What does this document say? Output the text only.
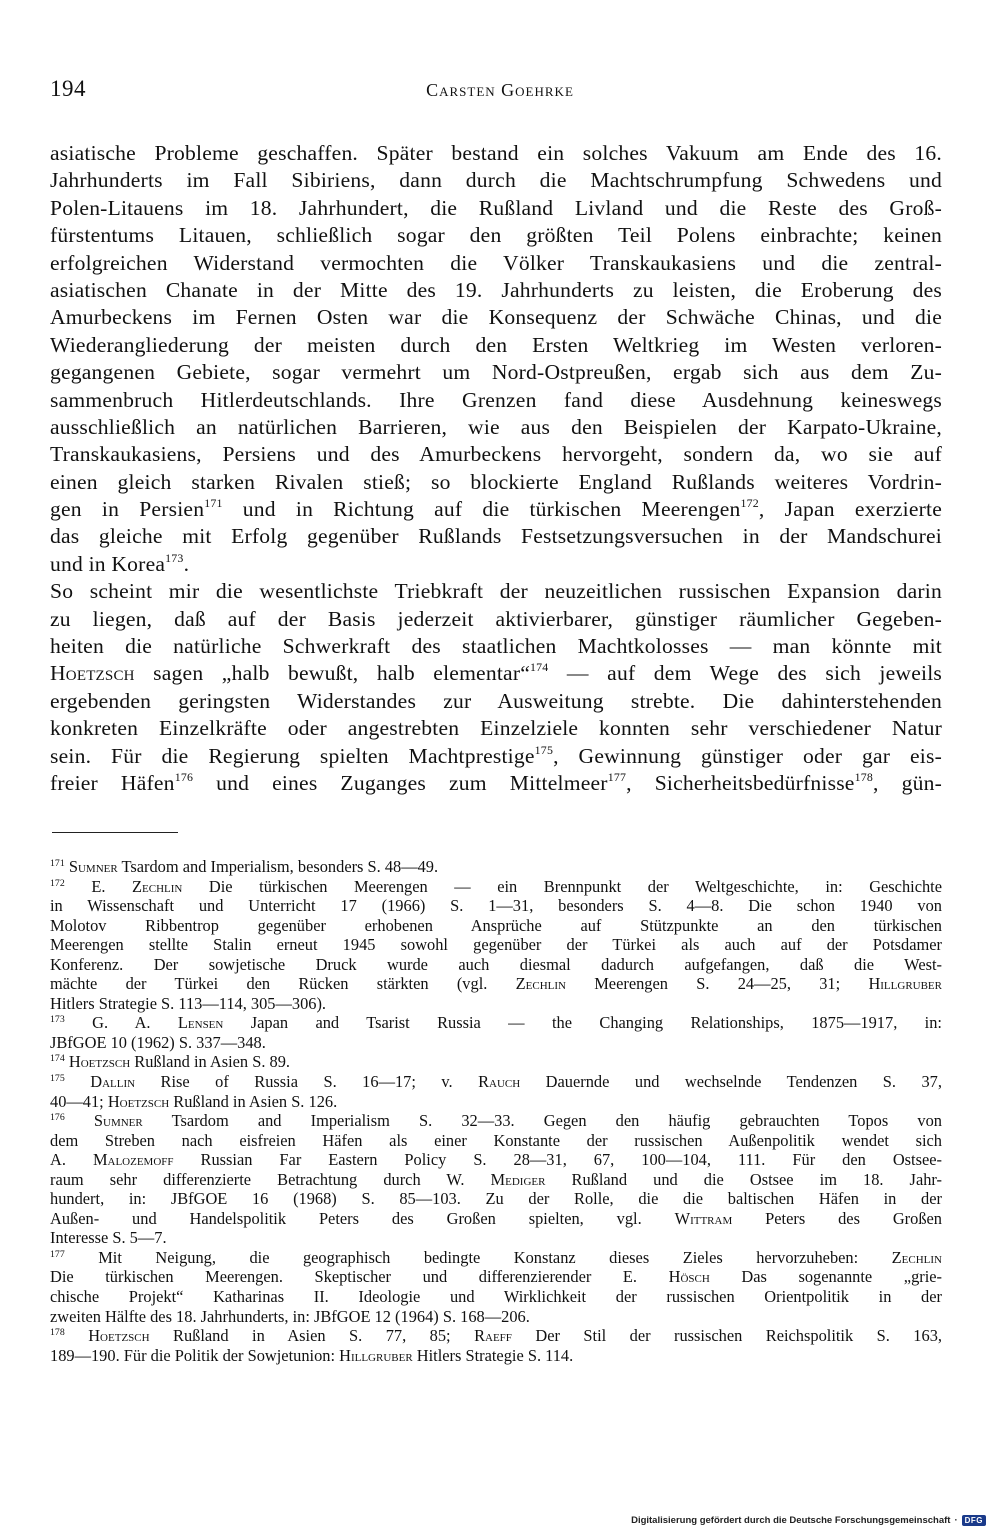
194	Carsten Goehrke
asiatische Probleme geschaffen. Später bestand ein solches Vakuum am Ende des 16.
Jahrhunderts im Fall Sibiriens, dann durch die Machtschrumpfung Schwedens und
Polen-Litauens im 18. Jahrhundert, die Rußland Livland und die Reste des Groß-
fürstentums Litauen, schließlich sogar den größten Teil Polens einbrachte; keinen
erfolgreichen Widerstand vermochten die Völker Transkaukasiens und die zentral-
asiatischen Chanate in der Mitte des 19. Jahrhunderts zu leisten, die Eroberung des
Amurbeckens im Fernen Osten war die Konsequenz der Schwäche Chinas, und die
Wiederangliederung der meisten durch den Ersten Weltkrieg im Westen verloren-
gegangenen Gebiete, sogar vermehrt um Nord-Ostpreußen, ergab sich aus dem Zu-
sammenbruch Hitlerdeutschlands. Ihre Grenzen fand diese Ausdehnung keineswegs
ausschließlich an natürlichen Barrieren, wie aus den Beispielen der Karpato-Ukraine,
Transkaukasiens, Persiens und des Amurbeckens hervorgeht, sondern da, wo sie auf
einen gleich starken Rivalen stieß; so blockierte England Rußlands weiteres Vordrin-
gen in Persien$^{171}$ und in Richtung auf die türkischen Meerengen$^{172}$, Japan exerzierte
das gleiche mit Erfolg gegenüber Rußlands Festsetzungsversuchen in der Mandschurei
und in Korea$^{173}$.
So scheint mir die wesentlichste Triebkraft der neuzeitlichen russischen Expansion darin
zu liegen, daß auf der Basis jederzeit aktivierbarer, günstiger räumlicher Gegeben-
heiten die natürliche Schwerkraft des staatlichen Machtkolosses — man könnte mit
Hoetzsch sagen „halb bewußt, halb elementar“$^{174}$ — auf dem Wege des sich jeweils
ergebenden geringsten Widerstandes zur Ausweitung strebte. Die dahinterstehenden
konkreten Einzelkräfte oder angestrebten Einzelziele konnten sehr verschiedener Natur
sein. Für die Regierung spielten Machtprestige$^{175}$, Gewinnung günstiger oder gar eis-
freier Häfen$^{176}$ und eines Zuganges zum Mittelmeer$^{177}$, Sicherheitsbedürfnisse$^{178}$, gün-
$^{171}$ Sumner Tsardom and Imperialism, besonders S. 48—49.
$^{172}$ E. Zechlin Die türkischen Meerengen — ein Brennpunkt der Weltgeschichte, in: Geschichte
in Wissenschaft und Unterricht 17 (1966) S. 1—31, besonders S. 4—8. Die schon 1940 von
Molotov Ribbentrop gegenüber erhobenen Ansprüche auf Stützpunkte an den türkischen
Meerengen stellte Stalin erneut 1945 sowohl gegenüber der Türkei als auch auf der Potsdamer
Konferenz. Der sowjetische Druck wurde auch diesmal dadurch aufgefangen, daß die West-
mächte der Türkei den Rücken stärkten (vgl. Zechlin Meerengen S. 24—25, 31; Hillgruber
Hitlers Strategie S. 113—114, 305—306).
$^{173}$ G. A. Lensen Japan and Tsarist Russia — the Changing Relationships, 1875—1917, in:
JBfGOE 10 (1962) S. 337—348.
$^{174}$ Hoetzsch Rußland in Asien S. 89.
$^{175}$ Dallin Rise of Russia S. 16—17; v. Rauch Dauernde und wechselnde Tendenzen S. 37,
40—41; Hoetzsch Rußland in Asien S. 126.
$^{176}$ Sumner Tsardom and Imperialism S. 32—33. Gegen den häufig gebrauchten Topos von
dem Streben nach eisfreien Häfen als einer Konstante der russischen Außenpolitik wendet sich
A. Malozemoff Russian Far Eastern Policy S. 28—31, 67, 100—104, 111. Für den Ostsee-
raum sehr differenzierte Betrachtung durch W. Mediger Rußland und die Ostsee im 18. Jahr-
hundert, in: JBfGOE 16 (1968) S. 85—103. Zu der Rolle, die die baltischen Häfen in der
Außen- und Handelspolitik Peters des Großen spielten, vgl. Wittram Peters des Großen
Interesse S. 5—7.
$^{177}$ Mit Neigung, die geographisch bedingte Konstanz dieses Zieles hervorzuheben: Zechlin
Die türkischen Meerengen. Skeptischer und differenzierender E. Hösch Das sogenannte „grie-
chische Projekt“ Katharinas II. Ideologie und Wirklichkeit der russischen Orientpolitik in der
zweiten Hälfte des 18. Jahrhunderts, in: JBfGOE 12 (1964) S. 168—206.
$^{178}$ Hoetzsch Rußland in Asien S. 77, 85; Raeff Der Stil der russischen Reichspolitik S. 163,
189—190. Für die Politik der Sowjetunion: Hillgruber Hitlers Strategie S. 114.
Digitalisierung gefördert durch die Deutsche Forschungsgemeinschaft · DFG
